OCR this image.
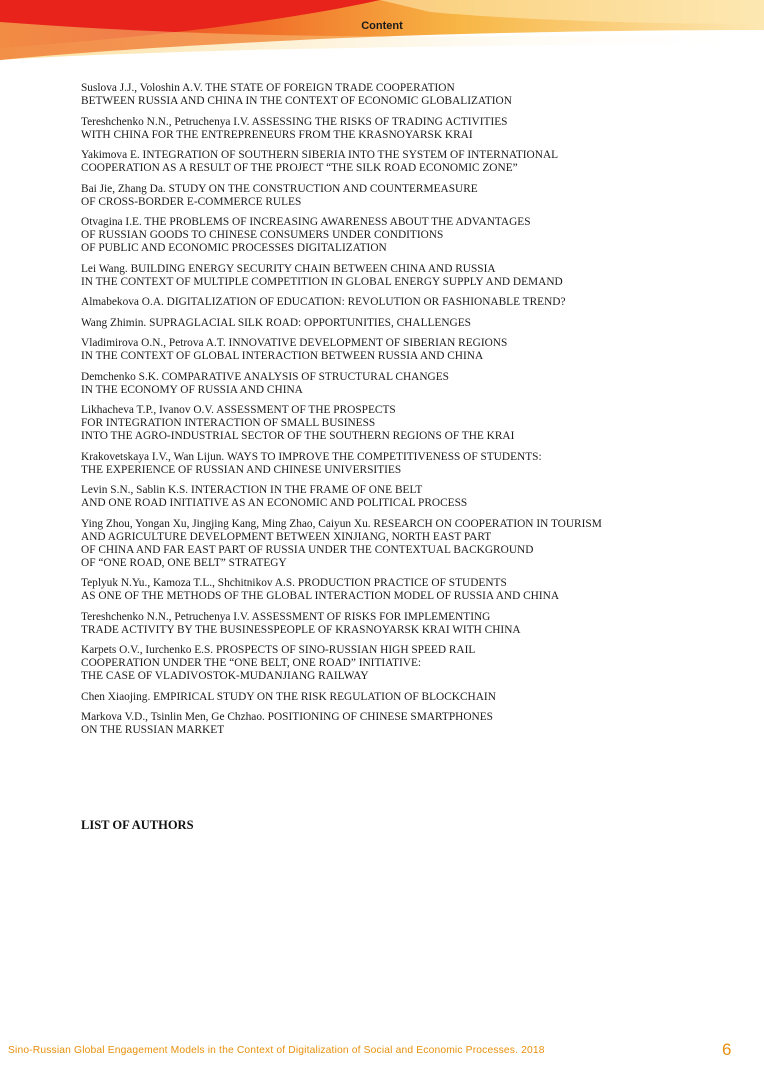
Content
Suslova J.J., Voloshin A.V. THE STATE OF FOREIGN TRADE COOPERATION
BETWEEN RUSSIA AND CHINA IN THE CONTEXT OF ECONOMIC GLOBALIZATION
Tereshchenko N.N., Petruchenya I.V. ASSESSING THE RISKS OF TRADING ACTIVITIES
WITH CHINA FOR THE ENTREPRENEURS FROM THE KRASNOYARSK KRAI
Yakimova E. INTEGRATION OF SOUTHERN SIBERIA INTO THE SYSTEM OF INTERNATIONAL
COOPERATION AS A RESULT OF THE PROJECT “THE SILK ROAD ECONOMIC ZONE”
Bai Jie, Zhang Da. STUDY ON THE CONSTRUCTION AND COUNTERMEASURE
OF CROSS-BORDER E-COMMERCE RULES
Otvagina I.E. THE PROBLEMS OF INCREASING AWARENESS ABOUT THE ADVANTAGES
OF RUSSIAN GOODS TO CHINESE CONSUMERS UNDER CONDITIONS
OF PUBLIC AND ECONOMIC PROCESSES DIGITALIZATION
Lei Wang. BUILDING ENERGY SECURITY CHAIN BETWEEN CHINA AND RUSSIA
IN THE CONTEXT OF MULTIPLE COMPETITION IN GLOBAL ENERGY SUPPLY AND DEMAND
Almabekova O.A. DIGITALIZATION OF EDUCATION: REVOLUTION OR FASHIONABLE TREND?
Wang Zhimin. SUPRAGLACIAL SILK ROAD: OPPORTUNITIES, CHALLENGES
Vladimirova O.N., Petrova A.T. INNOVATIVE DEVELOPMENT OF SIBERIAN REGIONS
IN THE CONTEXT OF GLOBAL INTERACTION BETWEEN RUSSIA AND CHINA
Demchenko S.K. COMPARATIVE ANALYSIS OF STRUCTURAL CHANGES
IN THE ECONOMY OF RUSSIA AND CHINA
Likhacheva T.P., Ivanov O.V. ASSESSMENT OF THE PROSPECTS
FOR INTEGRATION INTERACTION OF SMALL BUSINESS
INTO THE AGRO-INDUSTRIAL SECTOR OF THE SOUTHERN REGIONS OF THE KRAI
Krakovetskaya I.V., Wan Lijun. WAYS TO IMPROVE THE COMPETITIVENESS OF STUDENTS:
THE EXPERIENCE OF RUSSIAN AND CHINESE UNIVERSITIES
Levin S.N., Sablin K.S. INTERACTION IN THE FRAME OF ONE BELT
AND ONE ROAD INITIATIVE AS AN ECONOMIC AND POLITICAL PROCESS
Ying Zhou, Yongan Xu, Jingjing Kang, Ming Zhao, Caiyun Xu. RESEARCH ON COOPERATION IN TOURISM
AND AGRICULTURE DEVELOPMENT BETWEEN XINJIANG, NORTH EAST PART
OF CHINA AND FAR EAST PART OF RUSSIA UNDER THE CONTEXTUAL BACKGROUND
OF “ONE ROAD, ONE BELT” STRATEGY
Teplyuk N.Yu., Kamoza T.L., Shchitnikov A.S. PRODUCTION PRACTICE OF STUDENTS
AS ONE OF THE METHODS OF THE GLOBAL INTERACTION MODEL OF RUSSIA AND CHINA
Tereshchenko N.N., Petruchenya I.V. ASSESSMENT OF RISKS FOR IMPLEMENTING
TRADE ACTIVITY BY THE BUSINESSPEOPLE OF KRASNOYARSK KRAI WITH CHINA
Karpets O.V., Iurchenko E.S. PROSPECTS OF SINO-RUSSIAN HIGH SPEED RAIL
COOPERATION UNDER THE “ONE BELT, ONE ROAD” INITIATIVE:
THE CASE OF VLADIVOSTOK-MUDANJIANG RAILWAY
Chen Xiaojing. EMPIRICAL STUDY ON THE RISK REGULATION OF BLOCKCHAIN
Markova V.D., Tsinlin Men, Ge Chzhao. POSITIONING OF CHINESE SMARTPHONES
ON THE RUSSIAN MARKET
LIST OF AUTHORS
Sino-Russian Global Engagement Models in the Context of Digitalization of Social and Economic Processes. 2018	6
